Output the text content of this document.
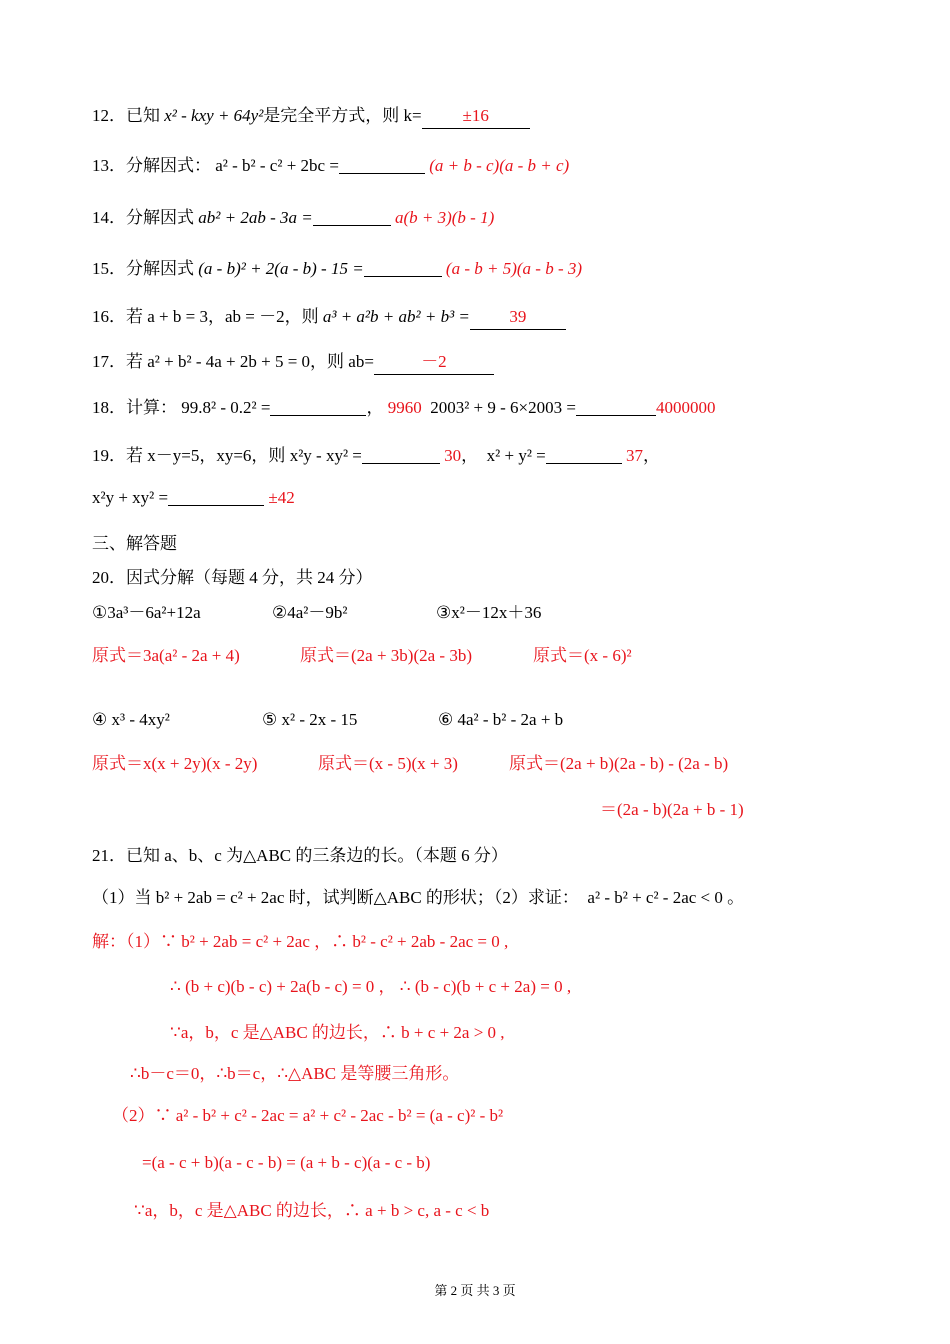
12．已知 x² - kxy + 64y²是完全平方式，则 k= ±16
13．分解因式： a² - b² - c² + 2bc =	(a + b - c)(a - b + c)
14．分解因式 ab² + 2ab - 3a =	a(b + 3)(b - 1)
15．分解因式 (a - b)² + 2(a - b) - 15 =	(a - b + 5)(a - b - 3)
16．若 a + b = 3，ab = －2，则 a³ + a²b + ab² + b³ = 39
17．若 a² + b² - 4a + 2b + 5 = 0，则 ab=	－2
18．计算： 99.8² - 0.2² =	， 9960 2003² + 9 - 6×2003 =	4000000
19．若 x－y=5，xy=6，则 x²y - xy² =	30，  x² + y² =	37，
x²y + xy² =	±42
三、解答题
20．因式分解（每题 4 分，共 24 分）
①3a³－6a²+12a	②4a²－9b²	③x²－12x＋36
原式＝3a(a² - 2a + 4)	原式＝(2a + 3b)(2a - 3b)	原式＝(x - 6)²
④ x³ - 4xy²	⑤ x² - 2x - 15	⑥ 4a² - b² - 2a + b
原式＝x(x + 2y)(x - 2y)	原式＝(x - 5)(x + 3)	原式＝(2a + b)(2a - b) - (2a - b)
＝(2a - b)(2a + b - 1)
21．已知 a、b、c 为△ABC 的三条边的长。（本题 6 分）
（1）当 b² + 2ab = c² + 2ac 时，试判断△ABC 的形状；（2）求证： a² - b² + c² - 2ac < 0 。
解：（1）∵ b² + 2ab = c² + 2ac ，∴ b² - c² + 2ab - 2ac = 0 ,
∴ (b + c)(b - c) + 2a(b - c) = 0 ， ∴ (b - c)(b + c + 2a) = 0 ,
∵a，b，c 是△ABC 的边长，∴ b + c + 2a > 0 ,
∴b－c＝0，∴b＝c，∴△ABC 是等腰三角形。
（2）∵ a² - b² + c² - 2ac = a² + c² - 2ac - b² = (a - c)² - b²
=(a - c + b)(a - c - b) = (a + b - c)(a - c - b)
∵a，b，c 是△ABC 的边长，∴ a + b > c, a - c < b
第 2 页 共 3 页
